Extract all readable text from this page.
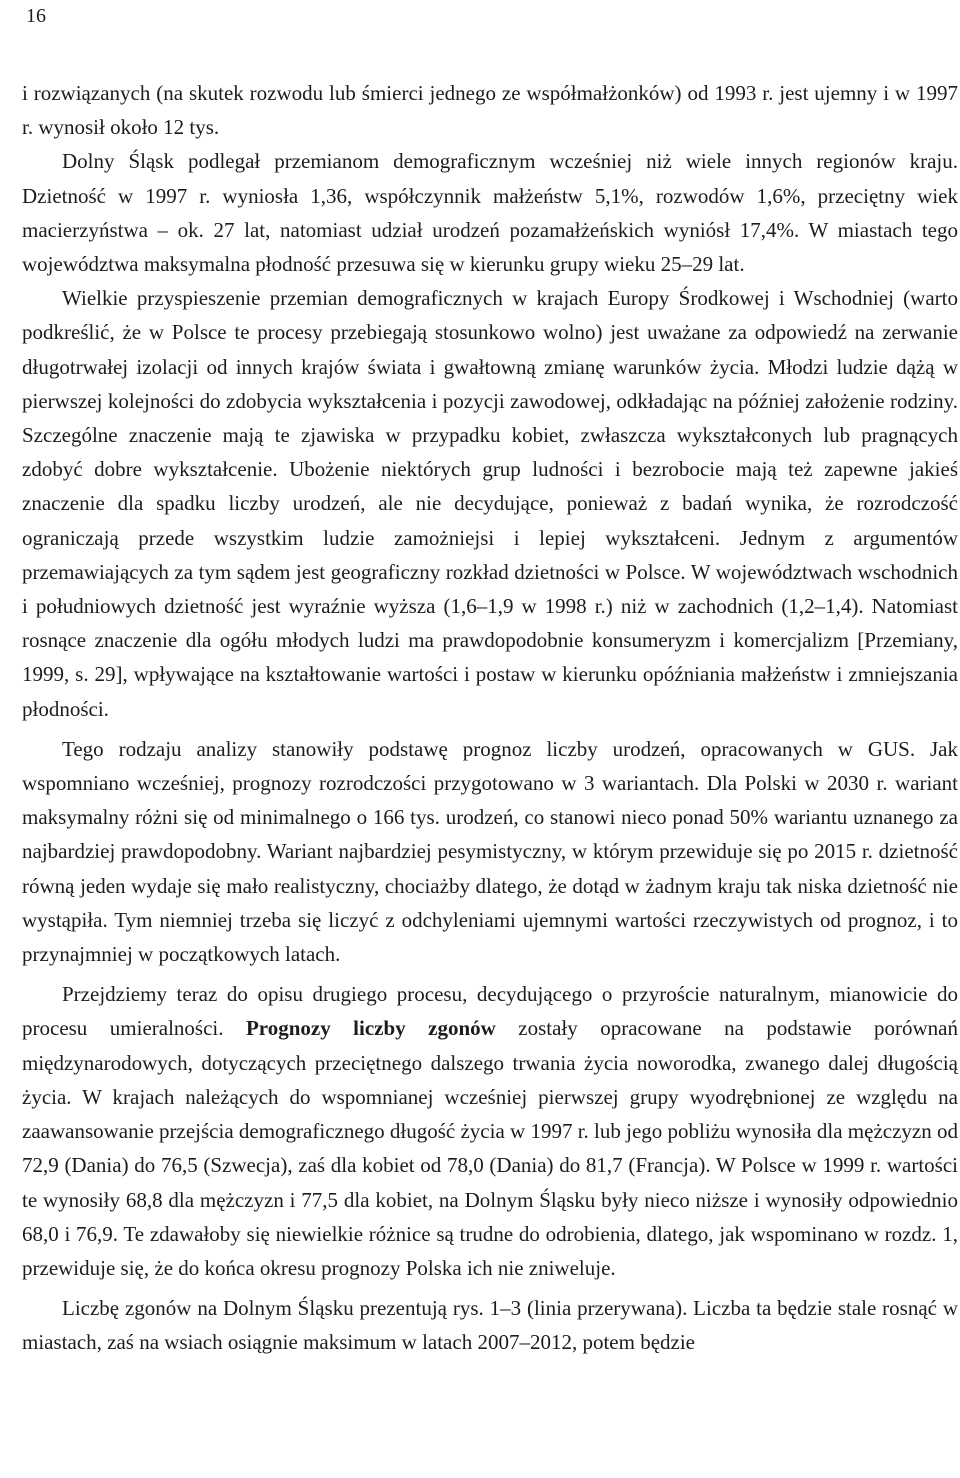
16

i rozwiązanych (na skutek rozwodu lub śmierci jednego ze współmałżonków) od 1993 r. jest ujemny i w 1997 r. wynosił około 12 tys.

Dolny Śląsk podlegał przemianom demograficznym wcześniej niż wiele innych regionów kraju. Dzietność w 1997 r. wyniosła 1,36, współczynnik małżeństw 5,1%, rozwodów 1,6%, przeciętny wiek macierzyństwa – ok. 27 lat, natomiast udział urodzeń pozamałżeńskich wyniósł 17,4%. W miastach tego województwa maksymalna płodność przesuwa się w kierunku grupy wieku 25–29 lat.

Wielkie przyspieszenie przemian demograficznych w krajach Europy Środkowej i Wschodniej (warto podkreślić, że w Polsce te procesy przebiegają stosunkowo wolno) jest uważane za odpowiedź na zerwanie długotrwałej izolacji od innych krajów świata i gwałtowną zmianę warunków życia. Młodzi ludzie dążą w pierwszej kolejności do zdobycia wykształcenia i pozycji zawodowej, odkładając na później założenie rodziny. Szczególne znaczenie mają te zjawiska w przypadku kobiet, zwłaszcza wykształconych lub pragnących zdobyć dobre wykształcenie. Ubożenie niektórych grup ludności i bezrobocie mają też zapewne jakieś znaczenie dla spadku liczby urodzeń, ale nie decydujące, ponieważ z badań wynika, że rozrodczość ograniczają przede wszystkim ludzie zamożniejsi i lepiej wykształceni. Jednym z argumentów przemawiających za tym sądem jest geograficzny rozkład dzietności w Polsce. W województwach wschodnich i południowych dzietność jest wyraźnie wyższa (1,6–1,9 w 1998 r.) niż w zachodnich (1,2–1,4). Natomiast rosnące znaczenie dla ogółu młodych ludzi ma prawdopodobnie konsumeryzm i komercjalizm [Przemiany, 1999, s. 29], wpływające na kształtowanie wartości i postaw w kierunku opóźniania małżeństw i zmniejszania płodności.

Tego rodzaju analizy stanowiły podstawę prognoz liczby urodzeń, opracowanych w GUS. Jak wspomniano wcześniej, prognozy rozrodczości przygotowano w 3 wariantach. Dla Polski w 2030 r. wariant maksymalny różni się od minimalnego o 166 tys. urodzeń, co stanowi nieco ponad 50% wariantu uznanego za najbardziej prawdopodobny. Wariant najbardziej pesymistyczny, w którym przewiduje się po 2015 r. dzietność równą jeden wydaje się mało realistyczny, chociażby dlatego, że dotąd w żadnym kraju tak niska dzietność nie wystąpiła. Tym niemniej trzeba się liczyć z odchyleniami ujemnymi wartości rzeczywistych od prognoz, i to przynajmniej w początkowych latach.

Przejdziemy teraz do opisu drugiego procesu, decydującego o przyroście naturalnym, mianowicie do procesu umieralności. Prognozy liczby zgonów zostały opracowane na podstawie porównań międzynarodowych, dotyczących przeciętnego dalszego trwania życia noworodka, zwanego dalej długością życia. W krajach należących do wspomnianej wcześniej pierwszej grupy wyodrębnionej ze względu na zaawansowanie przejścia demograficznego długość życia w 1997 r. lub jego pobliżu wynosiła dla mężczyzn od 72,9 (Dania) do 76,5 (Szwecja), zaś dla kobiet od 78,0 (Dania) do 81,7 (Francja). W Polsce w 1999 r. wartości te wynosiły 68,8 dla mężczyzn i 77,5 dla kobiet, na Dolnym Śląsku były nieco niższe i wynosiły odpowiednio 68,0 i 76,9. Te zdawałoby się niewielkie różnice są trudne do odrobienia, dlatego, jak wspominano w rozdz. 1, przewiduje się, że do końca okresu prognozy Polska ich nie zniweluje.

Liczbę zgonów na Dolnym Śląsku prezentują rys. 1–3 (linia przerywana). Liczba ta będzie stale rosnąć w miastach, zaś na wsiach osiągnie maksimum w latach 2007–2012, potem będzie
